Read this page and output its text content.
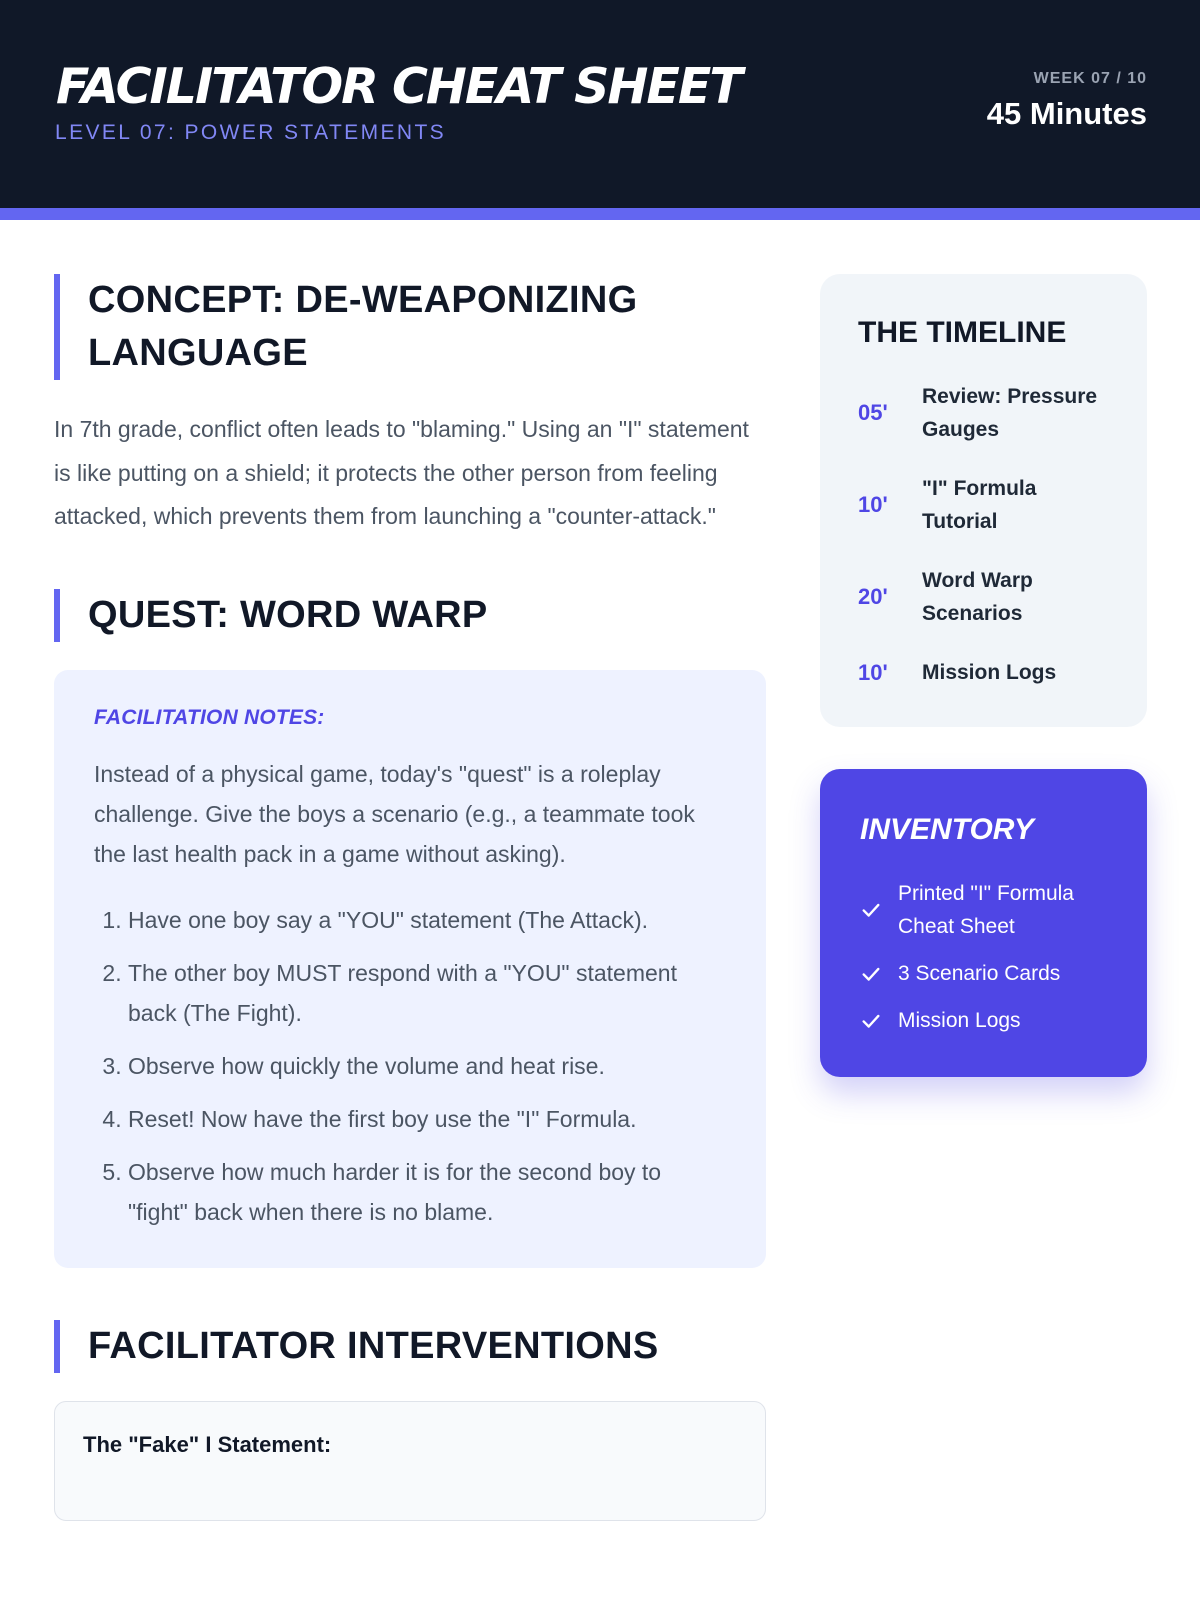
FACILITATOR CHEAT SHEET
LEVEL 07: POWER STATEMENTS
WEEK 07 / 10
45 Minutes
CONCEPT: DE-WEAPONIZING LANGUAGE

In 7th grade, conflict often leads to "blaming." Using an "I" statement is like putting on a shield; it protects the other person from feeling attacked, which prevents them from launching a "counter-attack."

QUEST: WORD WARP
FACILITATION NOTES:

Instead of a physical game, today's "quest" is a roleplay challenge. Give the boys a scenario (e.g., a teammate took the last health pack in a game without asking).

1. Have one boy say a "YOU" statement (The Attack).
2. The other boy MUST respond with a "YOU" statement back (The Fight).
3. Observe how quickly the volume and heat rise.
4. Reset! Now have the first boy use the "I" Formula.
5. Observe how much harder it is for the second boy to "fight" back when there is no blame.
FACILITATOR INTERVENTIONS
The "Fake" I Statement:
THE TIMELINE
05'
Review: Pressure Gauges
10'
"I" Formula Tutorial
20'
Word Warp Scenarios
10'	Mission Logs
INVENTORY
Printed "I" Formula Cheat Sheet
3 Scenario Cards
Mission Logs
